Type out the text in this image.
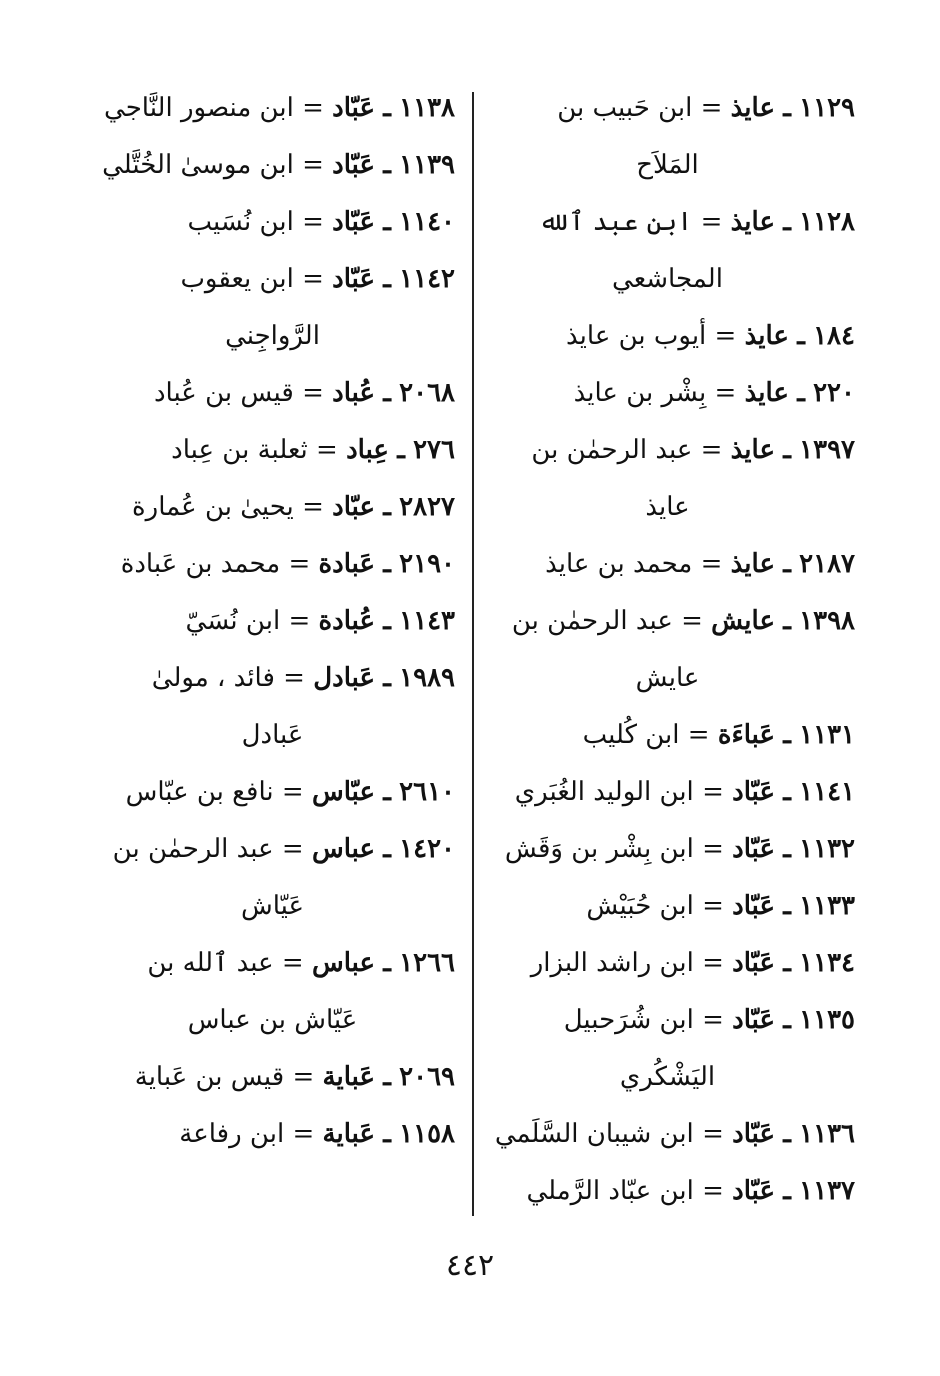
١١٢٩ ـ عايذ = ابن حَبيب بن
المَلاَح
١١٢٨ ـ عايذ = ابن عبد ٱلله
المجاشعي
١٨٤ ـ عايذ = أيوب بن عايذ
٢٢٠ ـ عايذ = بِشْر بن عايذ
١٣٩٧ ـ عايذ = عبد الرحمٰن بن
عايذ
٢١٨٧ ـ عايذ = محمد بن عايذ
١٣٩٨ ـ عايش = عبد الرحمٰن بن
عايش
١١٣١ ـ عَباءَة = ابن كُليب
١١٤١ ـ عَبّاد = ابن الوليد الغُبَري
١١٣٢ ـ عَبّاد = ابن بِشْر بن وَقَش
١١٣٣ ـ عَبّاد = ابن حُبَيْش
١١٣٤ ـ عَبّاد = ابن راشد البزار
١١٣٥ ـ عَبّاد = ابن شُرَحبيل
اليَشْكُري
١١٣٦ ـ عَبّاد = ابن شيبان السَّلَمي
١١٣٧ ـ عَبّاد = ابن عبّاد الرَّملي
١١٣٨ ـ عَبّاد = ابن منصور النَّاجي
١١٣٩ ـ عَبّاد = ابن موسىٰ الخُتَّلي
١١٤٠ ـ عَبّاد = ابن نُسَيب
١١٤٢ ـ عَبّاد = ابن يعقوب
الرَّواجِني
٢٠٦٨ ـ عُباد = قيس بن عُباد
٢٧٦ ـ عِباد = ثعلبة بن عِباد
٢٨٢٧ ـ عبّاد = يحيىٰ بن عُمارة
٢١٩٠ ـ عَبادة = محمد بن عَبادة
١١٤٣ ـ عُبادة = ابن نُسَيّ
١٩٨٩ ـ عَبادل = فائد ، مولىٰ
عَبادل
٢٦١٠ ـ عبّاس = نافع بن عبّاس
١٤٢٠ ـ عباس = عبد الرحمٰن بن
عَيّاش
١٢٦٦ ـ عباس = عبد ٱلله بن
عَيّاش بن عباس
٢٠٦٩ ـ عَباية = قيس بن عَباية
١١٥٨ ـ عَباية = ابن رفاعة
٤٤٢
